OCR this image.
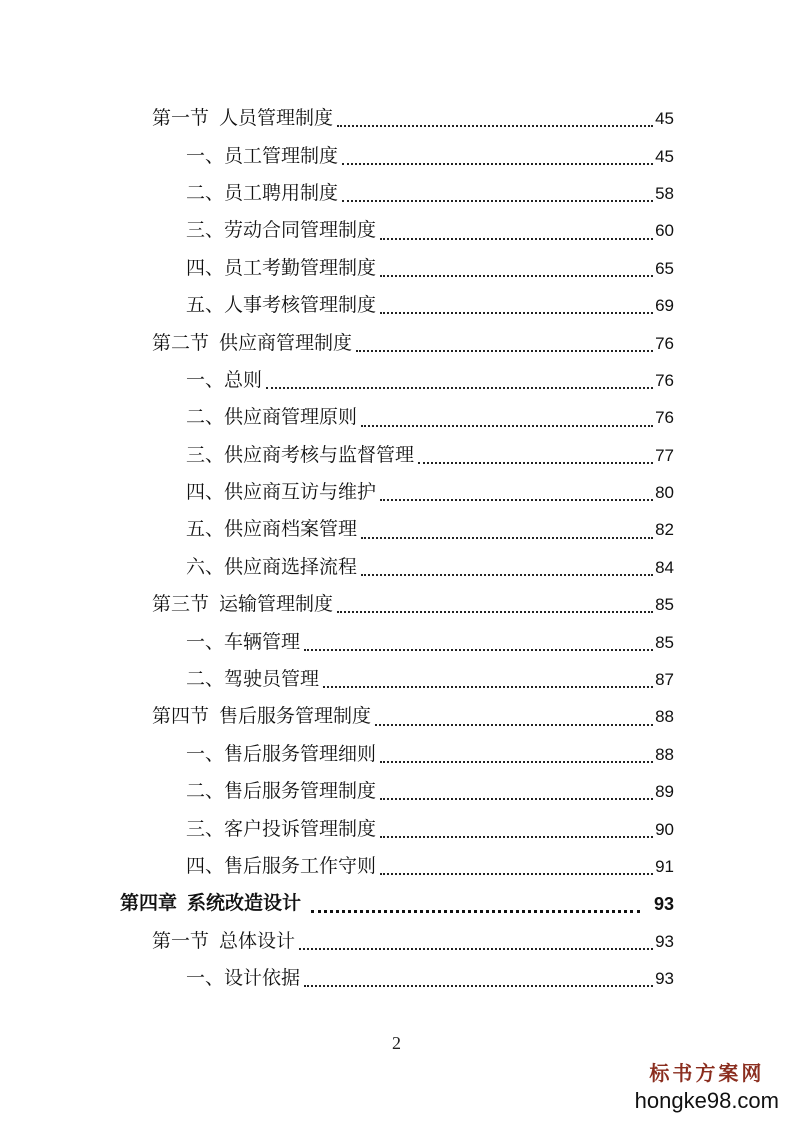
第一节 人员管理制度	45
一、员工管理制度	45
二、员工聘用制度	58
三、劳动合同管理制度	60
四、员工考勤管理制度	65
五、人事考核管理制度	69
第二节 供应商管理制度	76
一、总则	76
二、供应商管理原则	76
三、供应商考核与监督管理	77
四、供应商互访与维护	80
五、供应商档案管理	82
六、供应商选择流程	84
第三节 运输管理制度	85
一、车辆管理	85
二、驾驶员管理	87
第四节 售后服务管理制度	88
一、售后服务管理细则	88
二、售后服务管理制度	89
三、客户投诉管理制度	90
四、售后服务工作守则	91
第四章 系统改造设计	93
第一节 总体设计	93
一、设计依据	93
2
标书方案网
hongke98.com
